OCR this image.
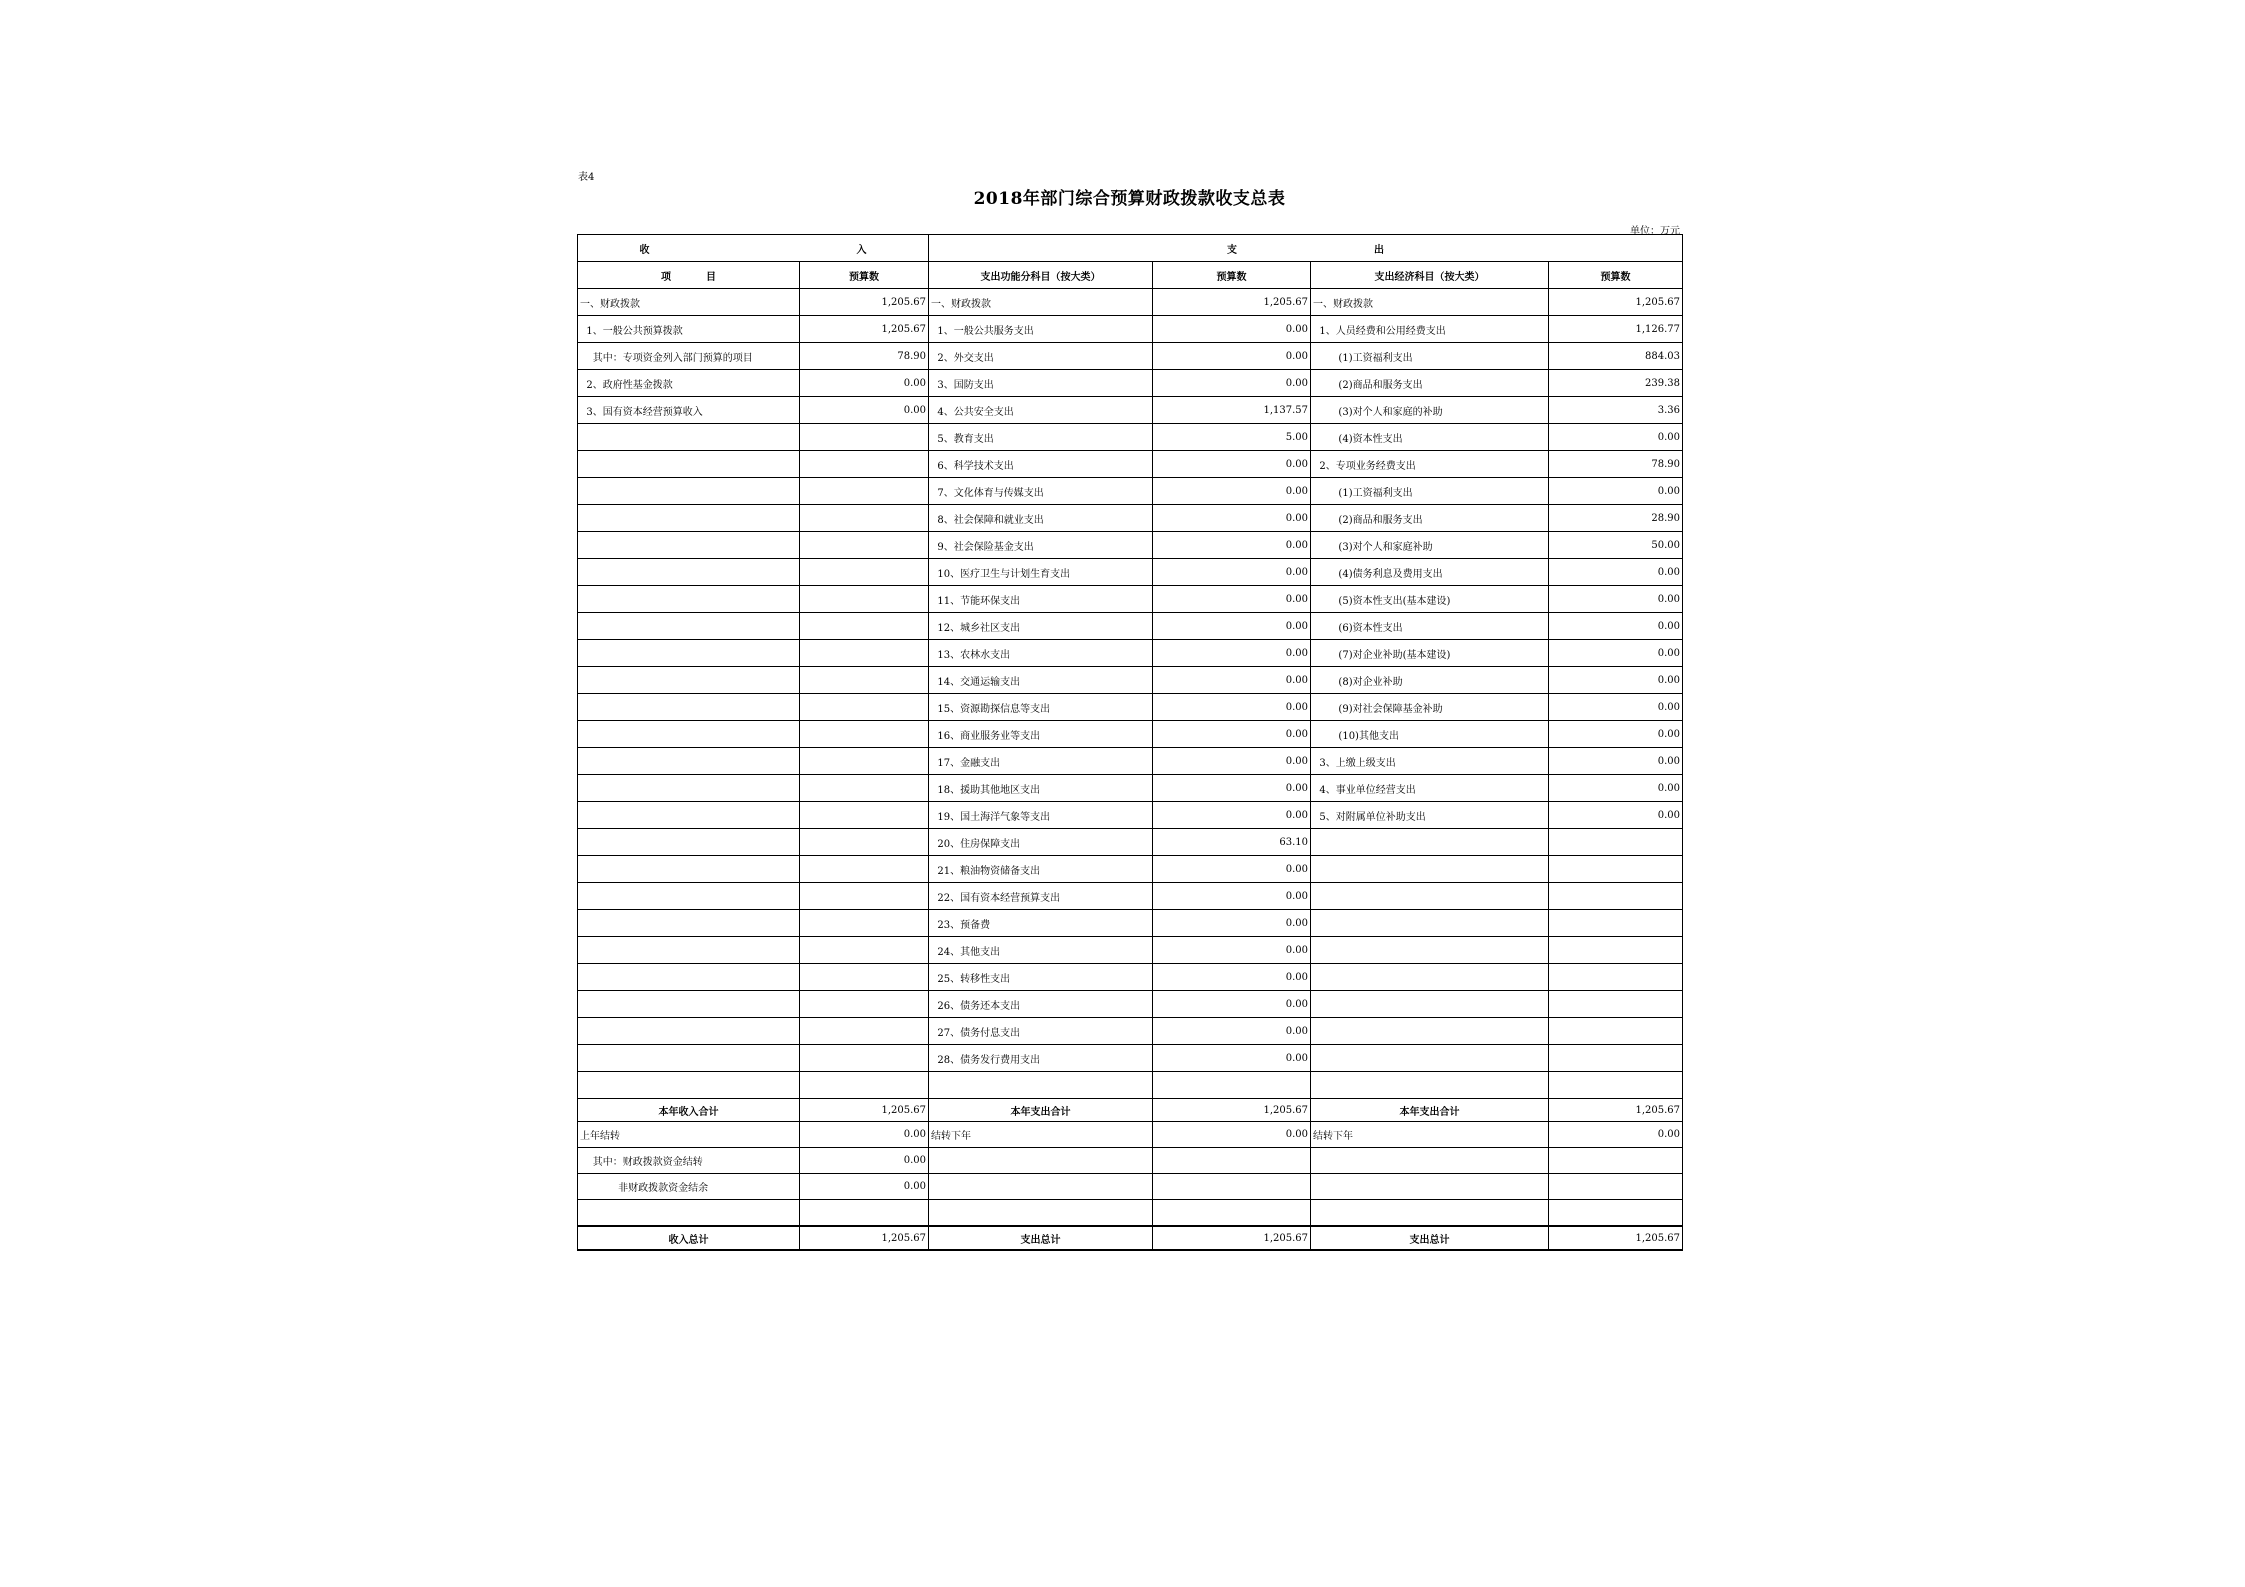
表4
2018年部门综合预算财政拨款收支总表
单位：万元
收 入		支 出			
项 目	预算数	支出功能分科目（按大类）	预算数	支出经济科目（按大类）	预算数
一、财政拨款	1,205.67	一、财政拨款	1,205.67	一、财政拨款	1,205.67
1、一般公共预算拨款	1,205.67	1、一般公共服务支出	0.00	1、人员经费和公用经费支出	1,126.77
其中：专项资金列入部门预算的项目	78.90	2、外交支出	0.00	(1)工资福利支出	884.03
2、政府性基金拨款	0.00	3、国防支出	0.00	(2)商品和服务支出	239.38
3、国有资本经营预算收入	0.00	4、公共安全支出	1,137.57	(3)对个人和家庭的补助	3.36
		5、教育支出	5.00	(4)资本性支出	0.00
		6、科学技术支出	0.00	2、专项业务经费支出	78.90
		7、文化体育与传媒支出	0.00	(1)工资福利支出	0.00
		8、社会保障和就业支出	0.00	(2)商品和服务支出	28.90
		9、社会保险基金支出	0.00	(3)对个人和家庭补助	50.00
		10、医疗卫生与计划生育支出	0.00	(4)债务利息及费用支出	0.00
		11、节能环保支出	0.00	(5)资本性支出(基本建设)	0.00
		12、城乡社区支出	0.00	(6)资本性支出	0.00
		13、农林水支出	0.00	(7)对企业补助(基本建设)	0.00
		14、交通运输支出	0.00	(8)对企业补助	0.00
		15、资源勘探信息等支出	0.00	(9)对社会保障基金补助	0.00
		16、商业服务业等支出	0.00	(10)其他支出	0.00
		17、金融支出	0.00	3、上缴上级支出	0.00
		18、援助其他地区支出	0.00	4、事业单位经营支出	0.00
		19、国土海洋气象等支出	0.00	5、对附属单位补助支出	0.00
		20、住房保障支出	63.10		
		21、粮油物资储备支出	0.00		
		22、国有资本经营预算支出	0.00		
		23、预备费	0.00		
		24、其他支出	0.00		
		25、转移性支出	0.00		
		26、债务还本支出	0.00		
		27、债务付息支出	0.00		
		28、债务发行费用支出	0.00		

本年收入合计	1,205.67	本年支出合计	1,205.67	本年支出合计	1,205.67
上年结转	0.00	结转下年	0.00	结转下年	0.00
其中：财政拨款资金结转	0.00				
非财政拨款资金结余	0.00				

收入总计	1,205.67	支出总计	1,205.67	支出总计	1,205.67
